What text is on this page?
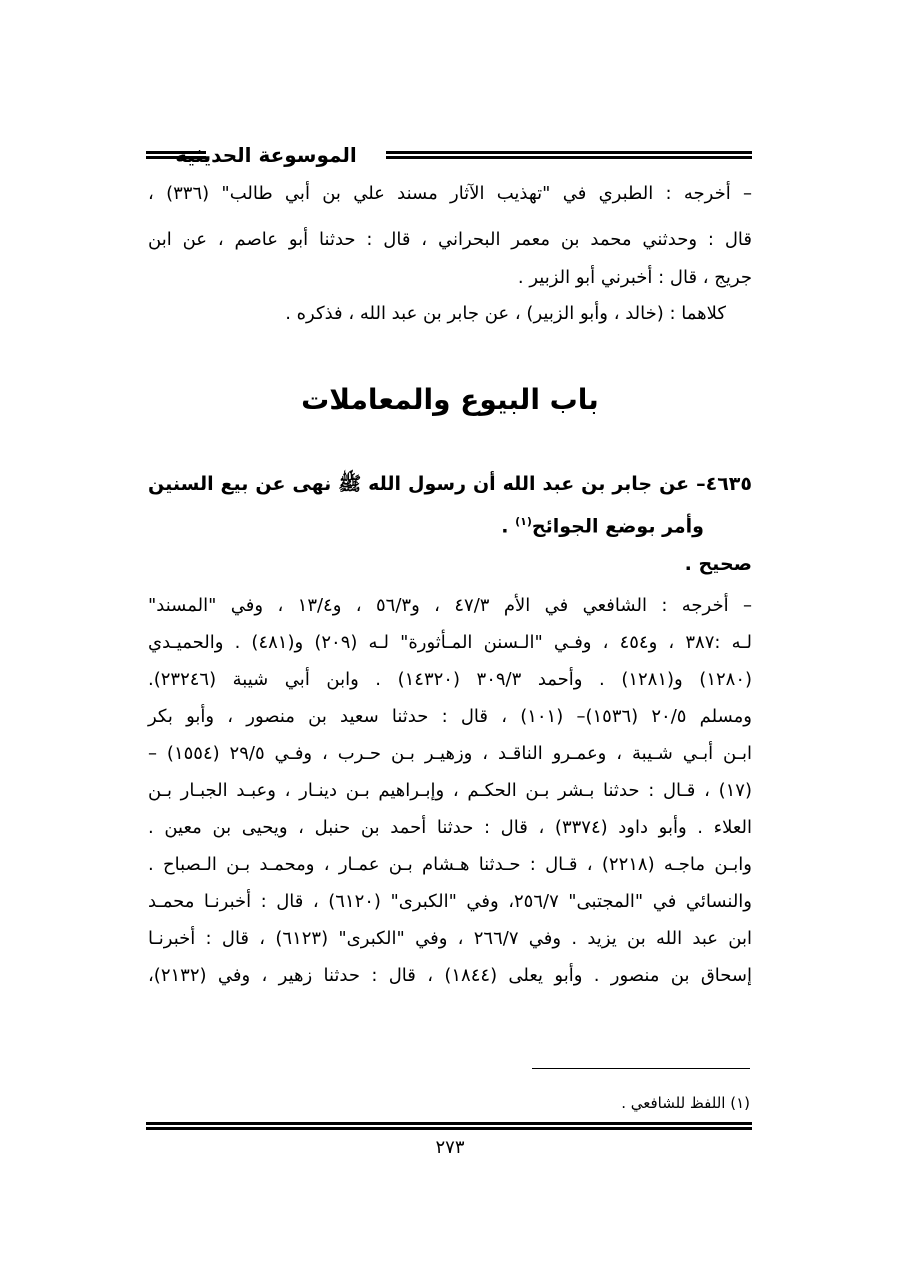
الموسوعة الحديثية
– أخرجه : الطبري في "تهذيب الآثار مسند علي بن أبي طالب" (٣٣٦) ،
قال : وحدثني محمد بن معمر البحراني ، قال : حدثنا أبو عاصم ، عن ابن
جريج ، قال : أخبرني أبو الزبير .
كلاهما : (خالد ، وأبو الزبير) ، عن جابر بن عبد الله ، فذكره .
باب البيوع والمعاملات
٤٦٣٥– عن جابر بن عبد الله أن رسول الله ﷺ نهى عن بيع السنين
وأمر بوضع الجوائح$^{(١)}$ .
صحيح .
– أخرجه : الشافعي في الأم ٤٧/٣ ، و٥٦/٣ ، و١٣/٤ ، وفي "المسند"
لـه :٣٨٧ ، و٤٥٤ ، وفـي "الـسنن المـأثورة" لـه (٢٠٩) و(٤٨١) . والحميـدي
(١٢٨٠) و(١٢٨١) . وأحمد ٣٠٩/٣ (١٤٣٢٠) . وابن أبي شيبة (٢٣٢٤٦).
ومسلم ٢٠/٥ (١٥٣٦)– (١٠١) ، قال : حدثنا سعيد بن منصور ، وأبو بكر
ابـن أبـي شـيبة ، وعمـرو الناقـد ، وزهيـر بـن حـرب ، وفـي ٢٩/٥ (١٥٥٤) –
(١٧) ، قـال : حدثنا بـشر بـن الحكـم ، وإبـراهيم بـن دينـار ، وعبـد الجبـار بـن
العلاء . وأبو داود (٣٣٧٤) ، قال : حدثنا أحمد بن حنبل ، ويحيى بن معين .
وابـن ماجـه (٢٢١٨) ، قـال : حـدثنا هـشام بـن عمـار ، ومحمـد بـن الـصباح .
والنسائي في "المجتبى" ٢٥٦/٧، وفي "الكبرى" (٦١٢٠) ، قال : أخبرنـا محمـد
ابن عبد الله بن يزيد . وفي ٢٦٦/٧ ، وفي "الكبرى" (٦١٢٣) ، قال : أخبرنـا
إسحاق بن منصور . وأبو يعلى (١٨٤٤) ، قال : حدثنا زهير ، وفي (٢١٣٢)،
(١) اللفظ للشافعي .
٢٧٣
